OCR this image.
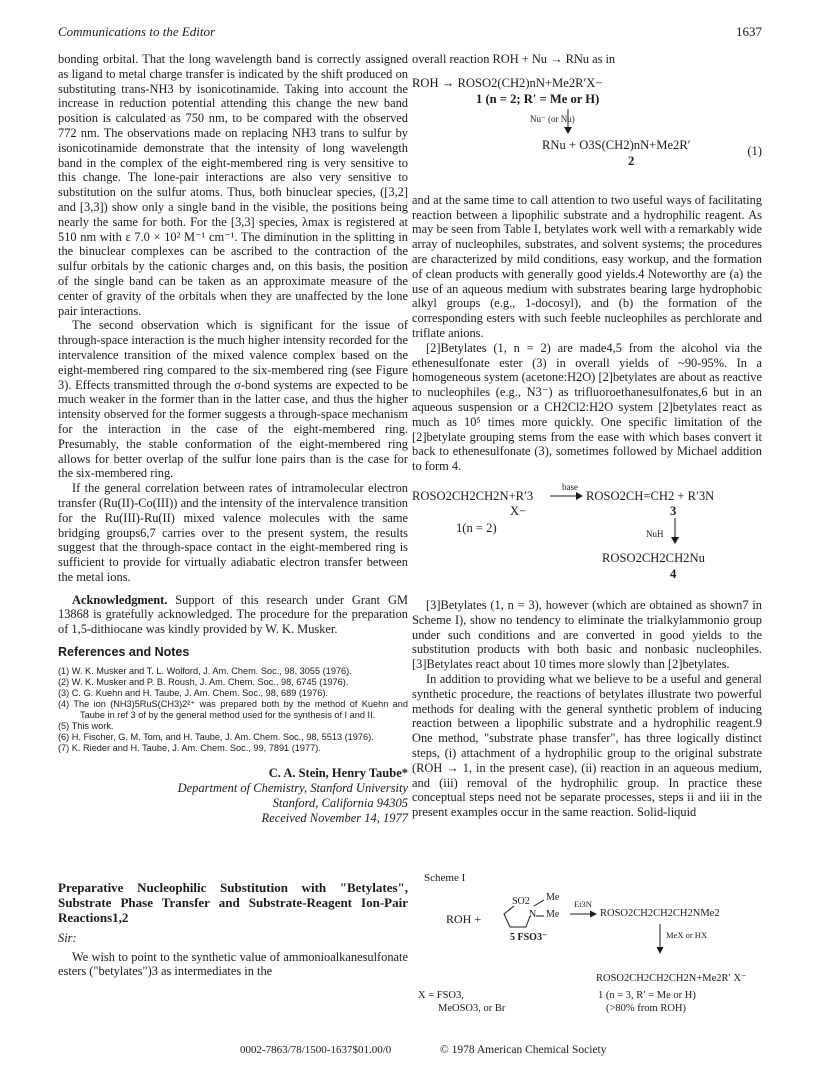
Communications to the Editor	1637

bonding orbital. That the long wavelength band is correctly assigned as ligand to metal charge transfer is indicated by the shift produced on substituting trans-NH3 by isonicotinamide. Taking into account the increase in reduction potential attending this change the new band position is calculated as 750 nm, to be compared with the observed 772 nm. The observations made on replacing NH3 trans to sulfur by isonicotinamide demonstrate that the intensity of long wavelength band in the complex of the eight-membered ring is very sensitive to this change. The lone-pair interactions are also very sensitive to substitution on the sulfur atoms. Thus, both binuclear species, ([3,2] and [3,3]) show only a single band in the visible, the positions being nearly the same for both. For the [3,3] species, λmax is registered at 510 nm with ε 7.0 × 10² M⁻¹ cm⁻¹. The diminution in the splitting in the binuclear complexes can be ascribed to the contraction of the sulfur orbitals by the cationic charges and, on this basis, the position of the single band can be taken as an approximate measure of the center of gravity of the orbitals when they are unaffected by the lone pair interactions.

The second observation which is significant for the issue of through-space interaction is the much higher intensity recorded for the intervalence transition of the mixed valence complex based on the eight-membered ring compared to the six-membered ring (see Figure 3). Effects transmitted through the σ-bond systems are expected to be much weaker in the former than in the latter case, and thus the higher intensity observed for the former suggests a through-space mechanism for the interaction in the case of the eight-membered ring. Presumably, the stable conformation of the eight-membered ring allows for better overlap of the sulfur lone pairs than is the case for the six-membered ring.

If the general correlation between rates of intramolecular electron transfer (Ru(II)-Co(III)) and the intensity of the intervalence transition for the Ru(III)-Ru(II) mixed valence molecules with the same bridging groups6,7 carries over to the present system, the results suggest that the through-space contact in the eight-membered ring is sufficient to provide for virtually adiabatic electron transfer between the metal ions.

Acknowledgment. Support of this research under Grant GM 13868 is gratefully acknowledged. The procedure for the preparation of 1,5-dithiocane was kindly provided by W. K. Musker.

References and Notes
(1) W. K. Musker and T. L. Wolford, J. Am. Chem. Soc., 98, 3055 (1976).
(2) W. K. Musker and P. B. Roush, J. Am. Chem. Soc., 98, 6745 (1976).
(3) C. G. Kuehn and H. Taube, J. Am. Chem. Soc., 98, 689 (1976).
(4) The ion (NH3)5RuS(CH3)2²⁺ was prepared both by the method of Kuehn and Taube in ref 3 of by the general method used for the synthesis of I and II.
(5) This work.
(6) H. Fischer, G. M. Tom, and H. Taube, J. Am. Chem. Soc., 98, 5513 (1976).
(7) K. Rieder and H. Taube, J. Am. Chem. Soc., 99, 7891 (1977).
C. A. Stein, Henry Taube*
Department of Chemistry, Stanford University
Stanford, California 94305
Received November 14, 1977
Preparative Nucleophilic Substitution with "Betylates", Substrate Phase Transfer and Substrate-Reagent Ion-Pair Reactions1,2
Sir:

We wish to point to the synthetic value of ammonioalkanesulfonate esters ("betylates")3 as intermediates in the

overall reaction ROH + Nu → RNu as in

ROH → ROSO2(CH2)nN+Me2R′X−
1 (n = 2; R′ = Me or H)
Nu⁻ (or Nu)
RNu + O3S(CH2)nN+Me2R′
2
(1)

and at the same time to call attention to two useful ways of facilitating reaction between a lipophilic substrate and a hydrophilic reagent. As may be seen from Table I, betylates work well with a remarkably wide array of nucleophiles, substrates, and solvent systems; the procedures are characterized by mild conditions, easy workup, and the formation of clean products with generally good yields.4 Noteworthy are (a) the use of an aqueous medium with substrates bearing large hydrophobic alkyl groups (e.g., 1-docosyl), and (b) the formation of the corresponding esters with such feeble nucleophiles as perchlorate and triflate anions.

[2]Betylates (1, n = 2) are made4,5 from the alcohol via the ethenesulfonate ester (3) in overall yields of ~90-95%. In a homogeneous system (acetone:H2O) [2]betylates are about as reactive to nucleophiles (e.g., N3⁻) as trifluoroethanesulfonates,6 but in an aqueous suspension or a CH2Cl2:H2O system [2]betylates react as much as 10⁵ times more quickly. One specific limitation of the [2]betylate grouping stems from the ease with which bases convert it back to ethenesulfonate (3), sometimes followed by Michael addition to form 4.

ROSO2CH2CH2N+R′3
base
ROSO2CH=CH2 + R′3N
X−	3
1(n = 2)	NuH
ROSO2CH2CH2Nu
4

[3]Betylates (1, n = 3), however (which are obtained as shown7 in Scheme I), show no tendency to eliminate the trialkylammonio group under such conditions and are converted in good yields to the substitution products with both basic and nonbasic nucleophiles. [3]Betylates react about 10 times more slowly than [2]betylates.

In addition to providing what we believe to be a useful and general synthetic procedure, the reactions of betylates illustrate two powerful methods for dealing with the general synthetic problem of inducing reaction between a lipophilic substrate and a hydrophilic reagent.9 One method, "substrate phase transfer", has three logically distinct steps, (i) attachment of a hydrophilic group to the original substrate (ROH → 1, in the present case), (ii) reaction in an aqueous medium, and (iii) removal of the hydrophilic group. In practice these conceptual steps need not be separate processes, steps ii and iii in the present examples occur in the same reaction. Solid-liquid

Scheme I
ROH +
SO2 Me
N Me
5 FSO3⁻
Et3N
ROSO2CH2CH2CH2NMe2
MeX or HX
ROSO2CH2CH2CH2N+Me2R′ X⁻
X = FSO3,
MeOSO3, or Br
1 (n = 3, R′ = Me or H)
(>80% from ROH)
0002-7863/78/1500-1637$01.00/0	© 1978 American Chemical Society
